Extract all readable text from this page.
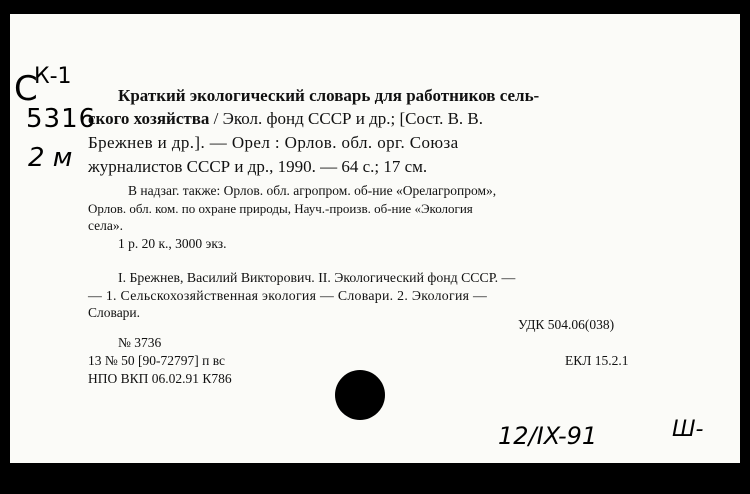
С
К-1
5316
2 м
Краткий экологический словарь для работников сель-
ского хозяйства / Экол. фонд СССР и др.; [Сост. В. В.
Брежнев и др.]. — Орел : Орлов. обл. орг. Союза
журналистов СССР и др., 1990. — 64 с.; 17 см.
В надзаг. также: Орлов. обл. агропром. об-ние «Орелагропром»,
Орлов. обл. ком. по охране природы, Науч.-произв. об-ние «Экология
села».
1 р. 20 к., 3000 экз.
I. Брежнев, Василий Викторович. II. Экологический фонд СССР. —
— 1. Сельскохозяйственная экология — Словари. 2. Экология —
Словари.
УДК 504.06(038)
№ 3736
13 № 50 [90-72797] п вс	ЕКЛ 15.2.1
НПО ВКП 06.02.91 К786
12/IX-91	Ш-
